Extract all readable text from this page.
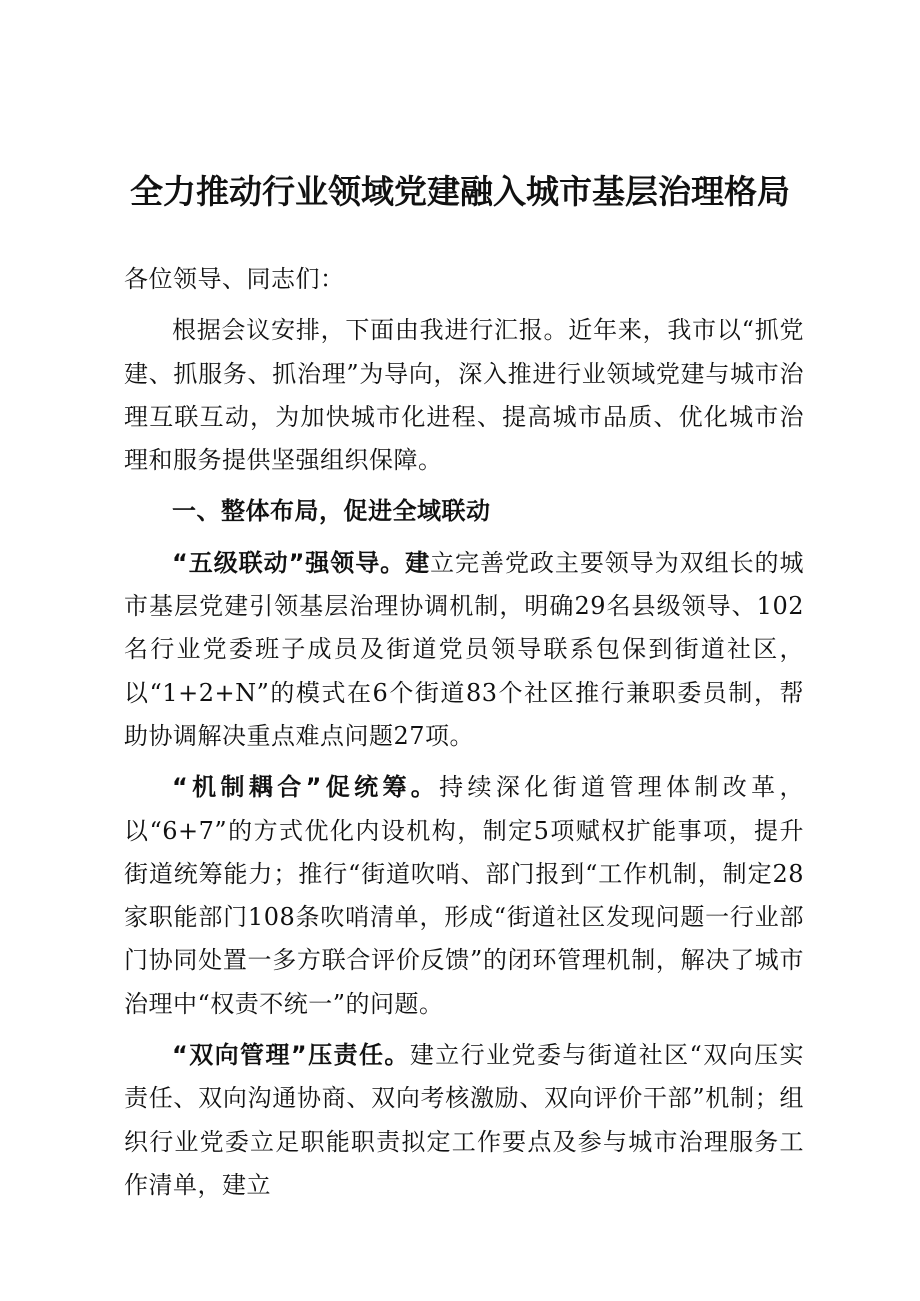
全力推动行业领域党建融入城市基层治理格局

各位领导、同志们：

根据会议安排，下面由我进行汇报。近年来，我市以“抓党建、抓服务、抓治理”为导向，深入推进行业领域党建与城市治理互联互动，为加快城市化进程、提高城市品质、优化城市治理和服务提供坚强组织保障。

一、整体布局，促进全域联动

“五级联动”强领导。建立完善党政主要领导为双组长的城市基层党建引领基层治理协调机制，明确29名县级领导、102名行业党委班子成员及街道党员领导联系包保到街道社区，以“1+2+N”的模式在6个街道83个社区推行兼职委员制，帮助协调解决重点难点问题27项。

“机制耦合”促统筹。持续深化街道管理体制改革，以“6+7”的方式优化内设机构，制定5项赋权扩能事项，提升街道统筹能力；推行“街道吹哨、部门报到“工作机制，制定28家职能部门108条吹哨清单，形成“街道社区发现问题一行业部门协同处置一多方联合评价反馈”的闭环管理机制，解决了城市治理中“权责不统一”的问题。

“双向管理”压责任。建立行业党委与街道社区“双向压实责任、双向沟通协商、双向考核激励、双向评价干部”机制；组织行业党委立足职能职责拟定工作要点及参与城市治理服务工作清单，建立
